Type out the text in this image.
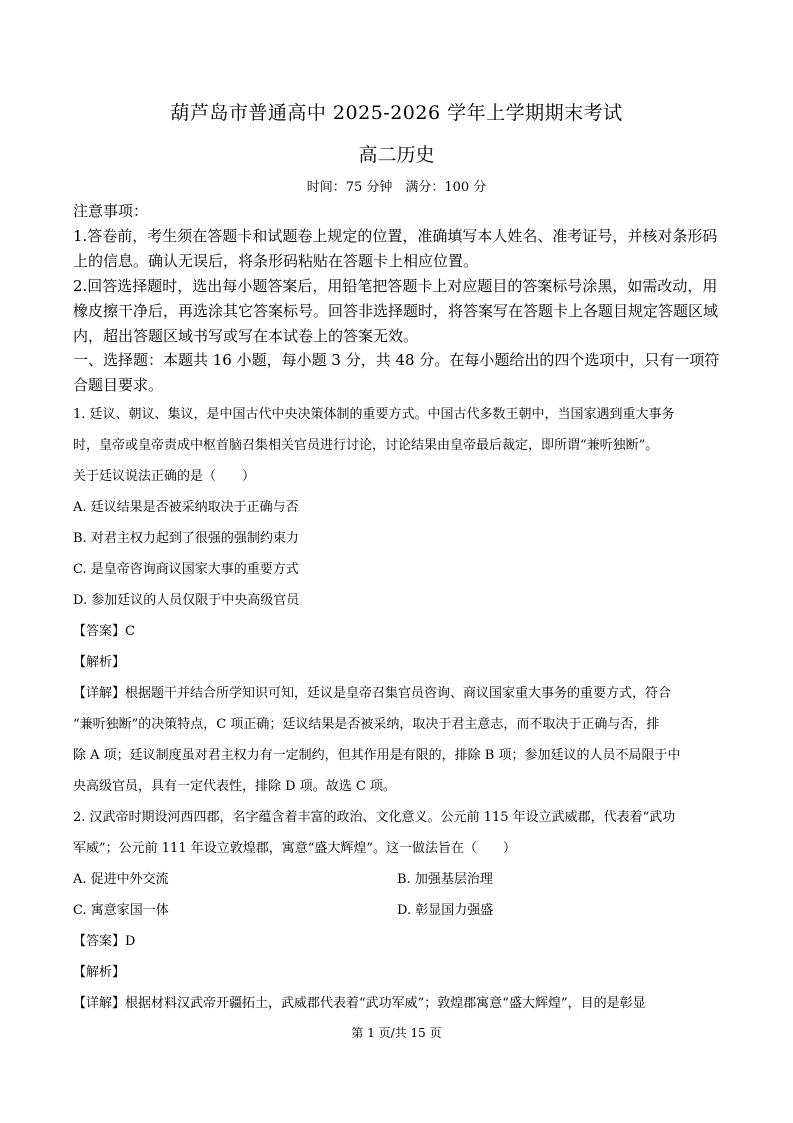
葫芦岛市普通高中 2025-2026 学年上学期期末考试
高二历史
时间：75 分钟　满分：100 分

注意事项：

1.答卷前，考生须在答题卡和试题卷上规定的位置，准确填写本人姓名、准考证号，并核对条形码上的信息。确认无误后，将条形码粘贴在答题卡上相应位置。

2.回答选择题时，选出每小题答案后，用铅笔把答题卡上对应题目的答案标号涂黑，如需改动，用橡皮擦干净后，再选涂其它答案标号。回答非选择题时，将答案写在答题卡上各题目规定答题区域内，超出答题区域书写或写在本试卷上的答案无效。

一、选择题：本题共 16 小题，每小题 3 分，共 48 分。在每小题给出的四个选项中，只有一项符合题目要求。

1. 廷议、朝议、集议，是中国古代中央决策体制的重要方式。中国古代多数王朝中，当国家遇到重大事务

时，皇帝或皇帝责成中枢首脑召集相关官员进行讨论，讨论结果由皇帝最后裁定，即所谓“兼听独断”。

关于廷议说法正确的是（　　）

A. 廷议结果是否被采纳取决于正确与否

B. 对君主权力起到了很强的强制约束力

C. 是皇帝咨询商议国家大事的重要方式

D. 参加廷议的人员仅限于中央高级官员

【答案】C

【解析】

【详解】根据题干并结合所学知识可知，廷议是皇帝召集官员咨询、商议国家重大事务的重要方式，符合

“兼听独断”的决策特点，C 项正确；廷议结果是否被采纳，取决于君主意志，而不取决于正确与否，排

除 A 项；廷议制度虽对君主权力有一定制约，但其作用是有限的，排除 B 项；参加廷议的人员不局限于中

央高级官员，具有一定代表性，排除 D 项。故选 C 项。

2. 汉武帝时期设河西四郡，名字蕴含着丰富的政治、文化意义。公元前 115 年设立武威郡，代表着“武功

军威”；公元前 111 年设立敦煌郡，寓意“盛大辉煌”。这一做法旨在（　　）

A. 促进中外交流	B. 加强基层治理
C. 寓意家国一体	D. 彰显国力强盛

【答案】D

【解析】

【详解】根据材料汉武帝开疆拓土，武威郡代表着“武功军威”；敦煌郡寓意“盛大辉煌”，目的是彰显

第 1 页/共 15 页
